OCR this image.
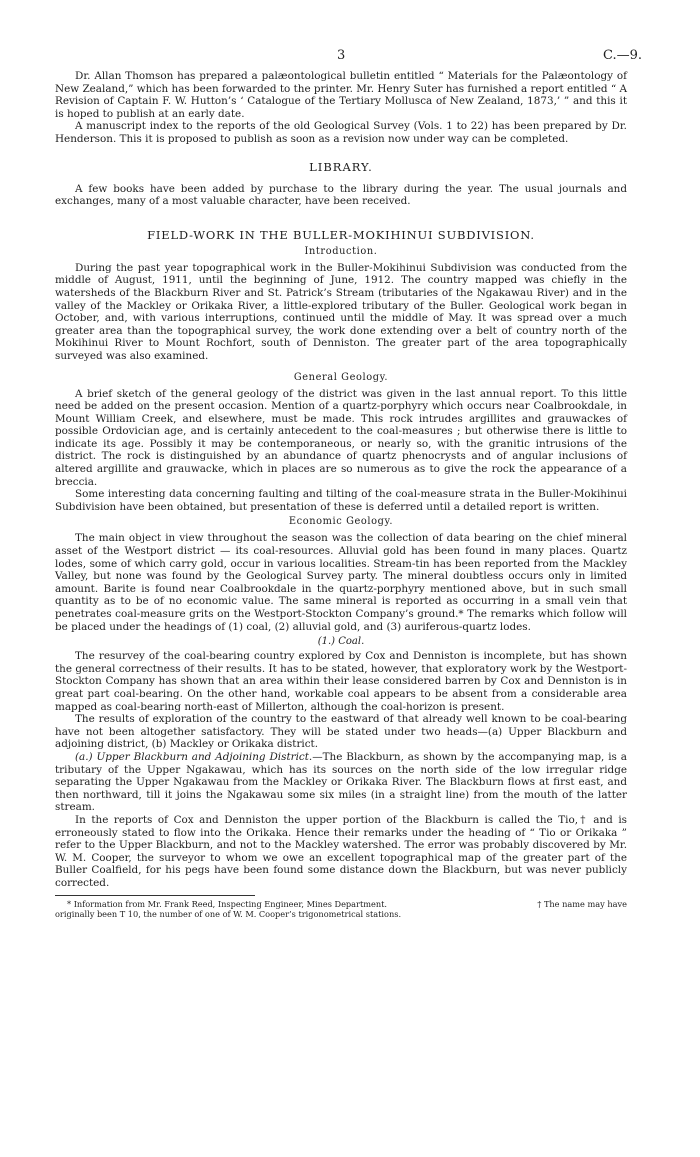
3	C.—9.

Dr. Allan Thomson has prepared a palæontological bulletin entitled “ Materials for the Palæontology of New Zealand,” which has been forwarded to the printer. Mr. Henry Suter has furnished a report entitled “ A Revision of Captain F. W. Hutton’s ‘ Catalogue of the Tertiary Mollusca of New Zealand, 1873,’ ” and this it is hoped to publish at an early date.

A manuscript index to the reports of the old Geological Survey (Vols. 1 to 22) has been prepared by Dr. Henderson. This it is proposed to publish as soon as a revision now under way can be completed.

LIBRARY.

A few books have been added by purchase to the library during the year. The usual journals and exchanges, many of a most valuable character, have been received.

FIELD-WORK IN THE BULLER-MOKIHINUI SUBDIVISION.
Introduction.

During the past year topographical work in the Buller-Mokihinui Subdivision was conducted from the middle of August, 1911, until the beginning of June, 1912. The country mapped was chiefly in the watersheds of the Blackburn River and St. Patrick’s Stream (tributaries of the Ngakawau River) and in the valley of the Mackley or Orikaka River, a little-explored tributary of the Buller. Geological work began in October, and, with various interruptions, continued until the middle of May. It was spread over a much greater area than the topographical survey, the work done extending over a belt of country north of the Mokihinui River to Mount Rochfort, south of Denniston. The greater part of the area topographically surveyed was also examined.

General Geology.

A brief sketch of the general geology of the district was given in the last annual report. To this little need be added on the present occasion. Mention of a quartz-porphyry which occurs near Coalbrookdale, in Mount William Creek, and elsewhere, must be made. This rock intrudes argillites and grauwackes of possible Ordovician age, and is certainly antecedent to the coal-measures ; but otherwise there is little to indicate its age. Possibly it may be contemporaneous, or nearly so, with the granitic intrusions of the district. The rock is distinguished by an abundance of quartz phenocrysts and of angular inclusions of altered argillite and grauwacke, which in places are so numerous as to give the rock the appearance of a breccia.

Some interesting data concerning faulting and tilting of the coal-measure strata in the Buller-Mokihinui Subdivision have been obtained, but presentation of these is deferred until a detailed report is written.

Economic Geology.

The main object in view throughout the season was the collection of data bearing on the chief mineral asset of the Westport district — its coal-resources. Alluvial gold has been found in many places. Quartz lodes, some of which carry gold, occur in various localities. Stream-tin has been reported from the Mackley Valley, but none was found by the Geological Survey party. The mineral doubtless occurs only in limited amount. Barite is found near Coalbrookdale in the quartz-porphyry mentioned above, but in such small quantity as to be of no economic value. The same mineral is reported as occurring in a small vein that penetrates coal-measure grits on the Westport-Stockton Company’s ground.* The remarks which follow will be placed under the headings of (1) coal, (2) alluvial gold, and (3) auriferous-quartz lodes.

(1.) Coal.

The resurvey of the coal-bearing country explored by Cox and Denniston is incomplete, but has shown the general correctness of their results. It has to be stated, however, that exploratory work by the Westport-Stockton Company has shown that an area within their lease considered barren by Cox and Denniston is in great part coal-bearing. On the other hand, workable coal appears to be absent from a considerable area mapped as coal-bearing north-east of Millerton, although the coal-horizon is present.

The results of exploration of the country to the eastward of that already well known to be coal-bearing have not been altogether satisfactory. They will be stated under two heads—(a) Upper Blackburn and adjoining district, (b) Mackley or Orikaka district.

(a.) Upper Blackburn and Adjoining District.—The Blackburn, as shown by the accompanying map, is a tributary of the Upper Ngakawau, which has its sources on the north side of the low irregular ridge separating the Upper Ngakawau from the Mackley or Orikaka River. The Blackburn flows at first east, and then northward, till it joins the Ngakawau some six miles (in a straight line) from the mouth of the latter stream.

In the reports of Cox and Denniston the upper portion of the Blackburn is called the Tio,† and is erroneously stated to flow into the Orikaka. Hence their remarks under the heading of “ Tio or Orikaka ” refer to the Upper Blackburn, and not to the Mackley watershed. The error was probably discovered by Mr. W. M. Cooper, the surveyor to whom we owe an excellent topographical map of the greater part of the Buller Coalfield, for his pegs have been found some distance down the Blackburn, but was never publicly corrected.

* Information from Mr. Frank Reed, Inspecting Engineer, Mines Department.	† The name may have
originally been T 10, the number of one of W. M. Cooper’s trigonometrical stations.
